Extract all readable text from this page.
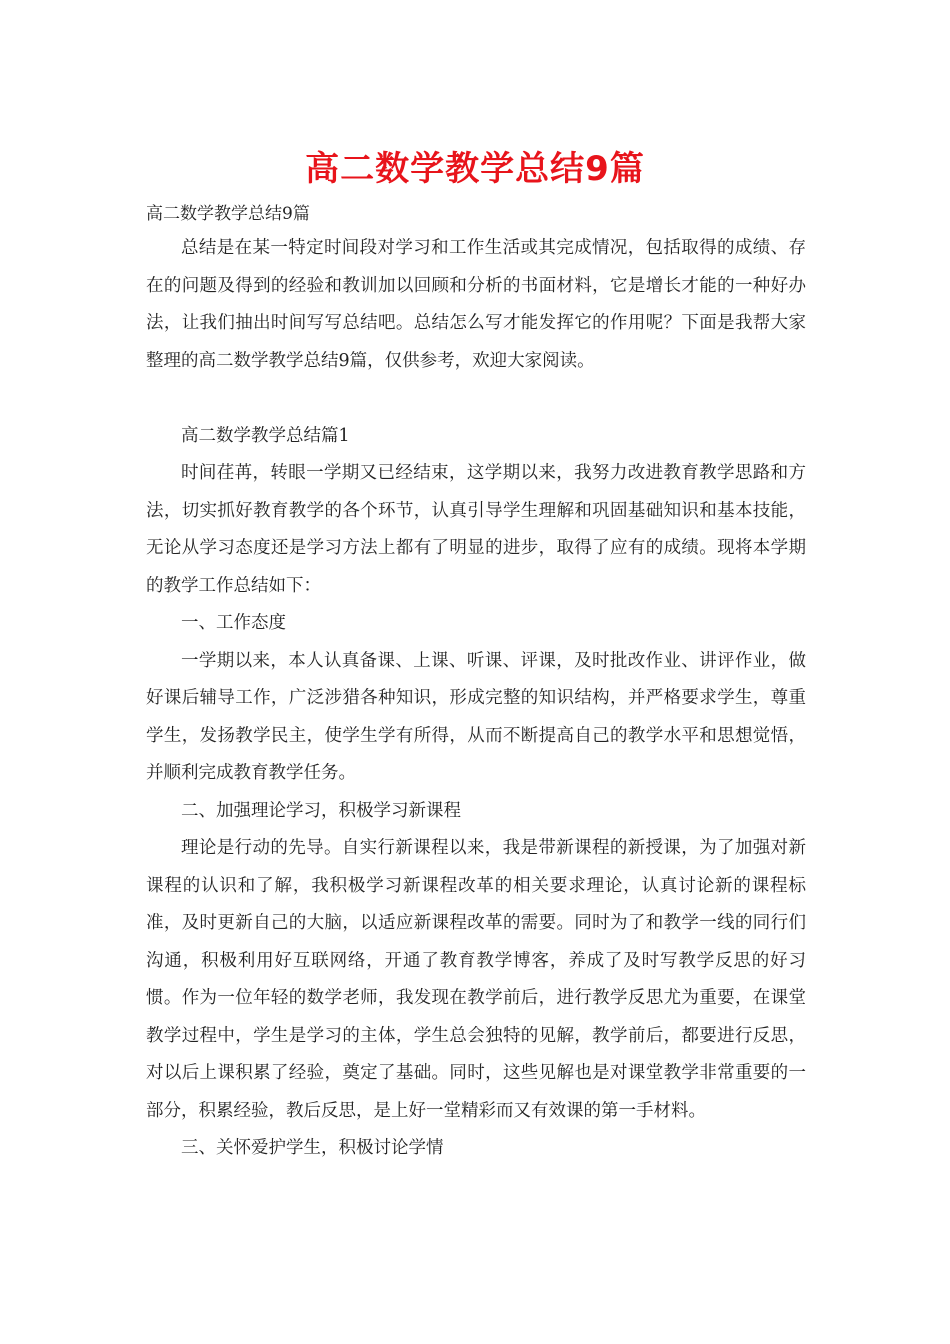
高二数学教学总结9篇
高二数学教学总结9篇

总结是在某一特定时间段对学习和工作生活或其完成情况，包括取得的成绩、存在的问题及得到的经验和教训加以回顾和分析的书面材料，它是增长才能的一种好办法，让我们抽出时间写写总结吧。总结怎么写才能发挥它的作用呢？下面是我帮大家整理的高二数学教学总结9篇，仅供参考，欢迎大家阅读。

高二数学教学总结篇1

时间荏苒，转眼一学期又已经结束，这学期以来，我努力改进教育教学思路和方法，切实抓好教育教学的各个环节，认真引导学生理解和巩固基础知识和基本技能，无论从学习态度还是学习方法上都有了明显的进步，取得了应有的成绩。现将本学期的教学工作总结如下：

一、工作态度

一学期以来，本人认真备课、上课、听课、评课，及时批改作业、讲评作业，做好课后辅导工作，广泛涉猎各种知识，形成完整的知识结构，并严格要求学生，尊重学生，发扬教学民主，使学生学有所得，从而不断提高自己的教学水平和思想觉悟，并顺利完成教育教学任务。

二、加强理论学习，积极学习新课程

理论是行动的先导。自实行新课程以来，我是带新课程的新授课，为了加强对新课程的认识和了解，我积极学习新课程改革的相关要求理论，认真讨论新的课程标准，及时更新自己的大脑，以适应新课程改革的需要。同时为了和教学一线的同行们沟通，积极利用好互联网络，开通了教育教学博客，养成了及时写教学反思的好习惯。作为一位年轻的数学老师，我发现在教学前后，进行教学反思尤为重要，在课堂教学过程中，学生是学习的主体，学生总会独特的见解，教学前后，都要进行反思，对以后上课积累了经验，奠定了基础。同时，这些见解也是对课堂教学非常重要的一部分，积累经验，教后反思，是上好一堂精彩而又有效课的第一手材料。

三、关怀爱护学生，积极讨论学情
